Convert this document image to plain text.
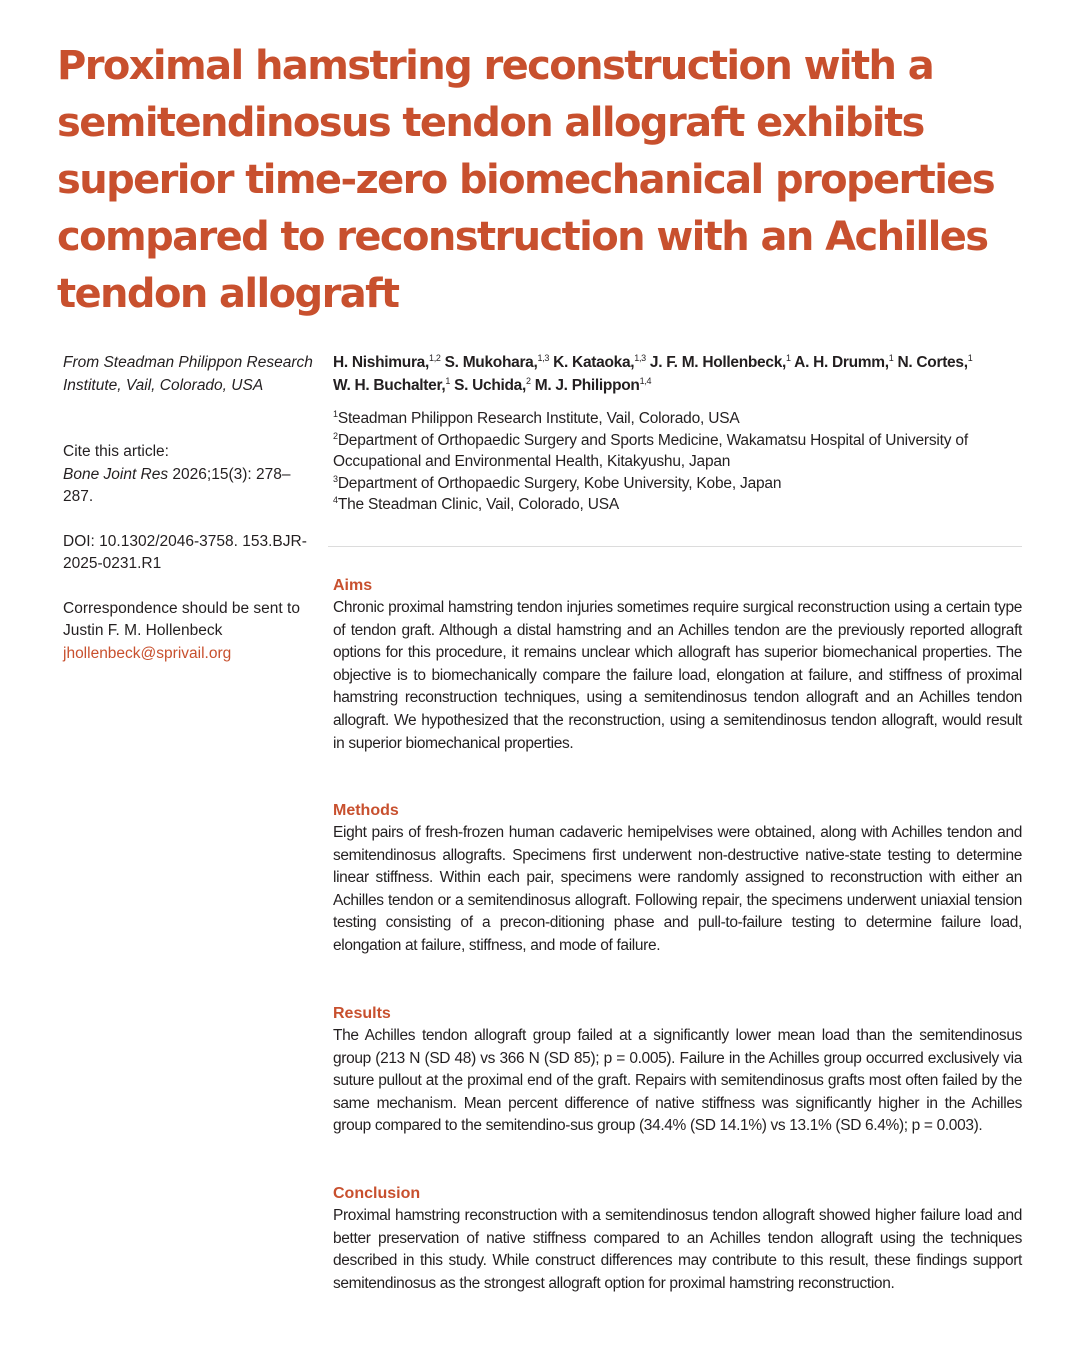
Proximal hamstring reconstruction with a semitendinosus tendon allograft exhibits superior time-zero biomechanical properties compared to reconstruction with an Achilles tendon allograft
From Steadman Philippon Research Institute, Vail, Colorado, USA
Cite this article:
Bone Joint Res 2026;15(3): 278–287.
DOI: 10.1302/2046-3758. 153.BJR-2025-0231.R1
Correspondence should be sent to Justin F. M. Hollenbeck
jhollenbeck@sprivail.org

H. Nishimura,$^{1,2}$ S. Mukohara,$^{1,3}$ K. Kataoka,$^{1,3}$ J. F. M. Hollenbeck,$^1$ A. H. Drumm,$^1$ N. Cortes,$^1$
W. H. Buchalter,$^1$ S. Uchida,$^2$ M. J. Philippon$^{1,4}$

$^1$Steadman Philippon Research Institute, Vail, Colorado, USA
$^2$Department of Orthopaedic Surgery and Sports Medicine, Wakamatsu Hospital of University of Occupational and Environmental Health, Kitakyushu, Japan
$^3$Department of Orthopaedic Surgery, Kobe University, Kobe, Japan
$^4$The Steadman Clinic, Vail, Colorado, USA
Aims

Chronic proximal hamstring tendon injuries sometimes require surgical reconstruction using a certain type of tendon graft. Although a distal hamstring and an Achilles tendon are the previously reported allograft options for this procedure, it remains unclear which allograft has superior biomechanical properties. The objective is to biomechanically compare the failure load, elongation at failure, and stiffness of proximal hamstring reconstruction techniques, using a semitendinosus tendon allograft and an Achilles tendon allograft. We hypothesized that the reconstruction, using a semitendinosus tendon allograft, would result in superior biomechanical properties.

Methods

Eight pairs of fresh-frozen human cadaveric hemipelvises were obtained, along with Achilles tendon and semitendinosus allografts. Specimens first underwent non-destructive native-state testing to determine linear stiffness. Within each pair, specimens were randomly assigned to reconstruction with either an Achilles tendon or a semitendinosus allograft. Following repair, the specimens underwent uniaxial tension testing consisting of a precon-ditioning phase and pull-to-failure testing to determine failure load, elongation at failure, stiffness, and mode of failure.

Results

The Achilles tendon allograft group failed at a significantly lower mean load than the semitendinosus group (213 N (SD 48) vs 366 N (SD 85); p = 0.005). Failure in the Achilles group occurred exclusively via suture pullout at the proximal end of the graft. Repairs with semitendinosus grafts most often failed by the same mechanism. Mean percent difference of native stiffness was significantly higher in the Achilles group compared to the semitendino-sus group (34.4% (SD 14.1%) vs 13.1% (SD 6.4%); p = 0.003).

Conclusion

Proximal hamstring reconstruction with a semitendinosus tendon allograft showed higher failure load and better preservation of native stiffness compared to an Achilles tendon allograft using the techniques described in this study. While construct differences may contribute to this result, these findings support semitendinosus as the strongest allograft option for proximal hamstring reconstruction.
